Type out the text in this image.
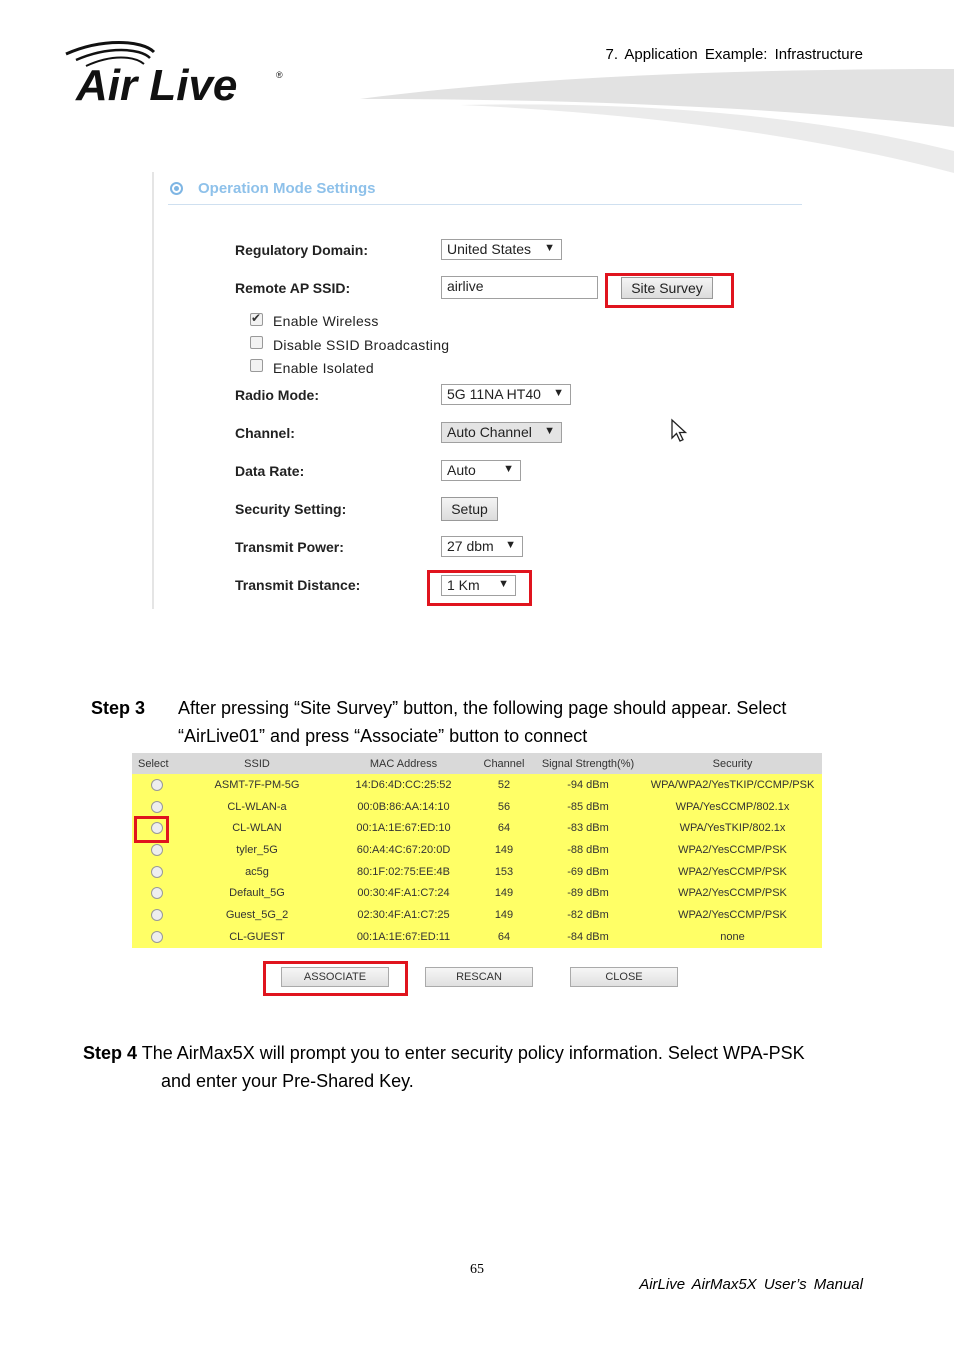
Air Live	®
7. Application Example: Infrastructure
Operation Mode Settings
Regulatory Domain:	United States ▼
Remote AP SSID:	airlive	Site Survey
✔
Enable Wireless
Disable SSID Broadcasting
Enable Isolated
Radio Mode:	5G 11NA HT40 ▼
Channel:	Auto Channel ▼
Data Rate:	Auto ▼
Security Setting:	Setup
Transmit Power:	27 dbm ▼
Transmit Distance:	1 Km ▼
Step 3 After pressing “Site Survey” button, the following page should appear. Select
“AirLive01” and press “Associate” button to connect
Select	SSID	MAC Address	Channel	Signal Strength(%)	Security
	ASMT-7F-PM-5G	14:D6:4D:CC:25:52	52	-94 dBm	WPA/WPA2/YesTKIP/CCMP/PSK
	CL-WLAN-a	00:0B:86:AA:14:10	56	-85 dBm	WPA/YesCCMP/802.1x
	CL-WLAN	00:1A:1E:67:ED:10	64	-83 dBm	WPA/YesTKIP/802.1x
	tyler_5G	60:A4:4C:67:20:0D	149	-88 dBm	WPA2/YesCCMP/PSK
	ac5g	80:1F:02:75:EE:4B	153	-69 dBm	WPA2/YesCCMP/PSK
	Default_5G	00:30:4F:A1:C7:24	149	-89 dBm	WPA2/YesCCMP/PSK
	Guest_5G_2	02:30:4F:A1:C7:25	149	-82 dBm	WPA2/YesCCMP/PSK
	CL-GUEST	00:1A:1E:67:ED:11	64	-84 dBm	none
ASSOCIATE	RESCAN	CLOSE
Step 4 The AirMax5X will prompt you to enter security policy information. Select WPA-PSK
and enter your Pre-Shared Key.
65
AirLive AirMax5X User’s Manual
